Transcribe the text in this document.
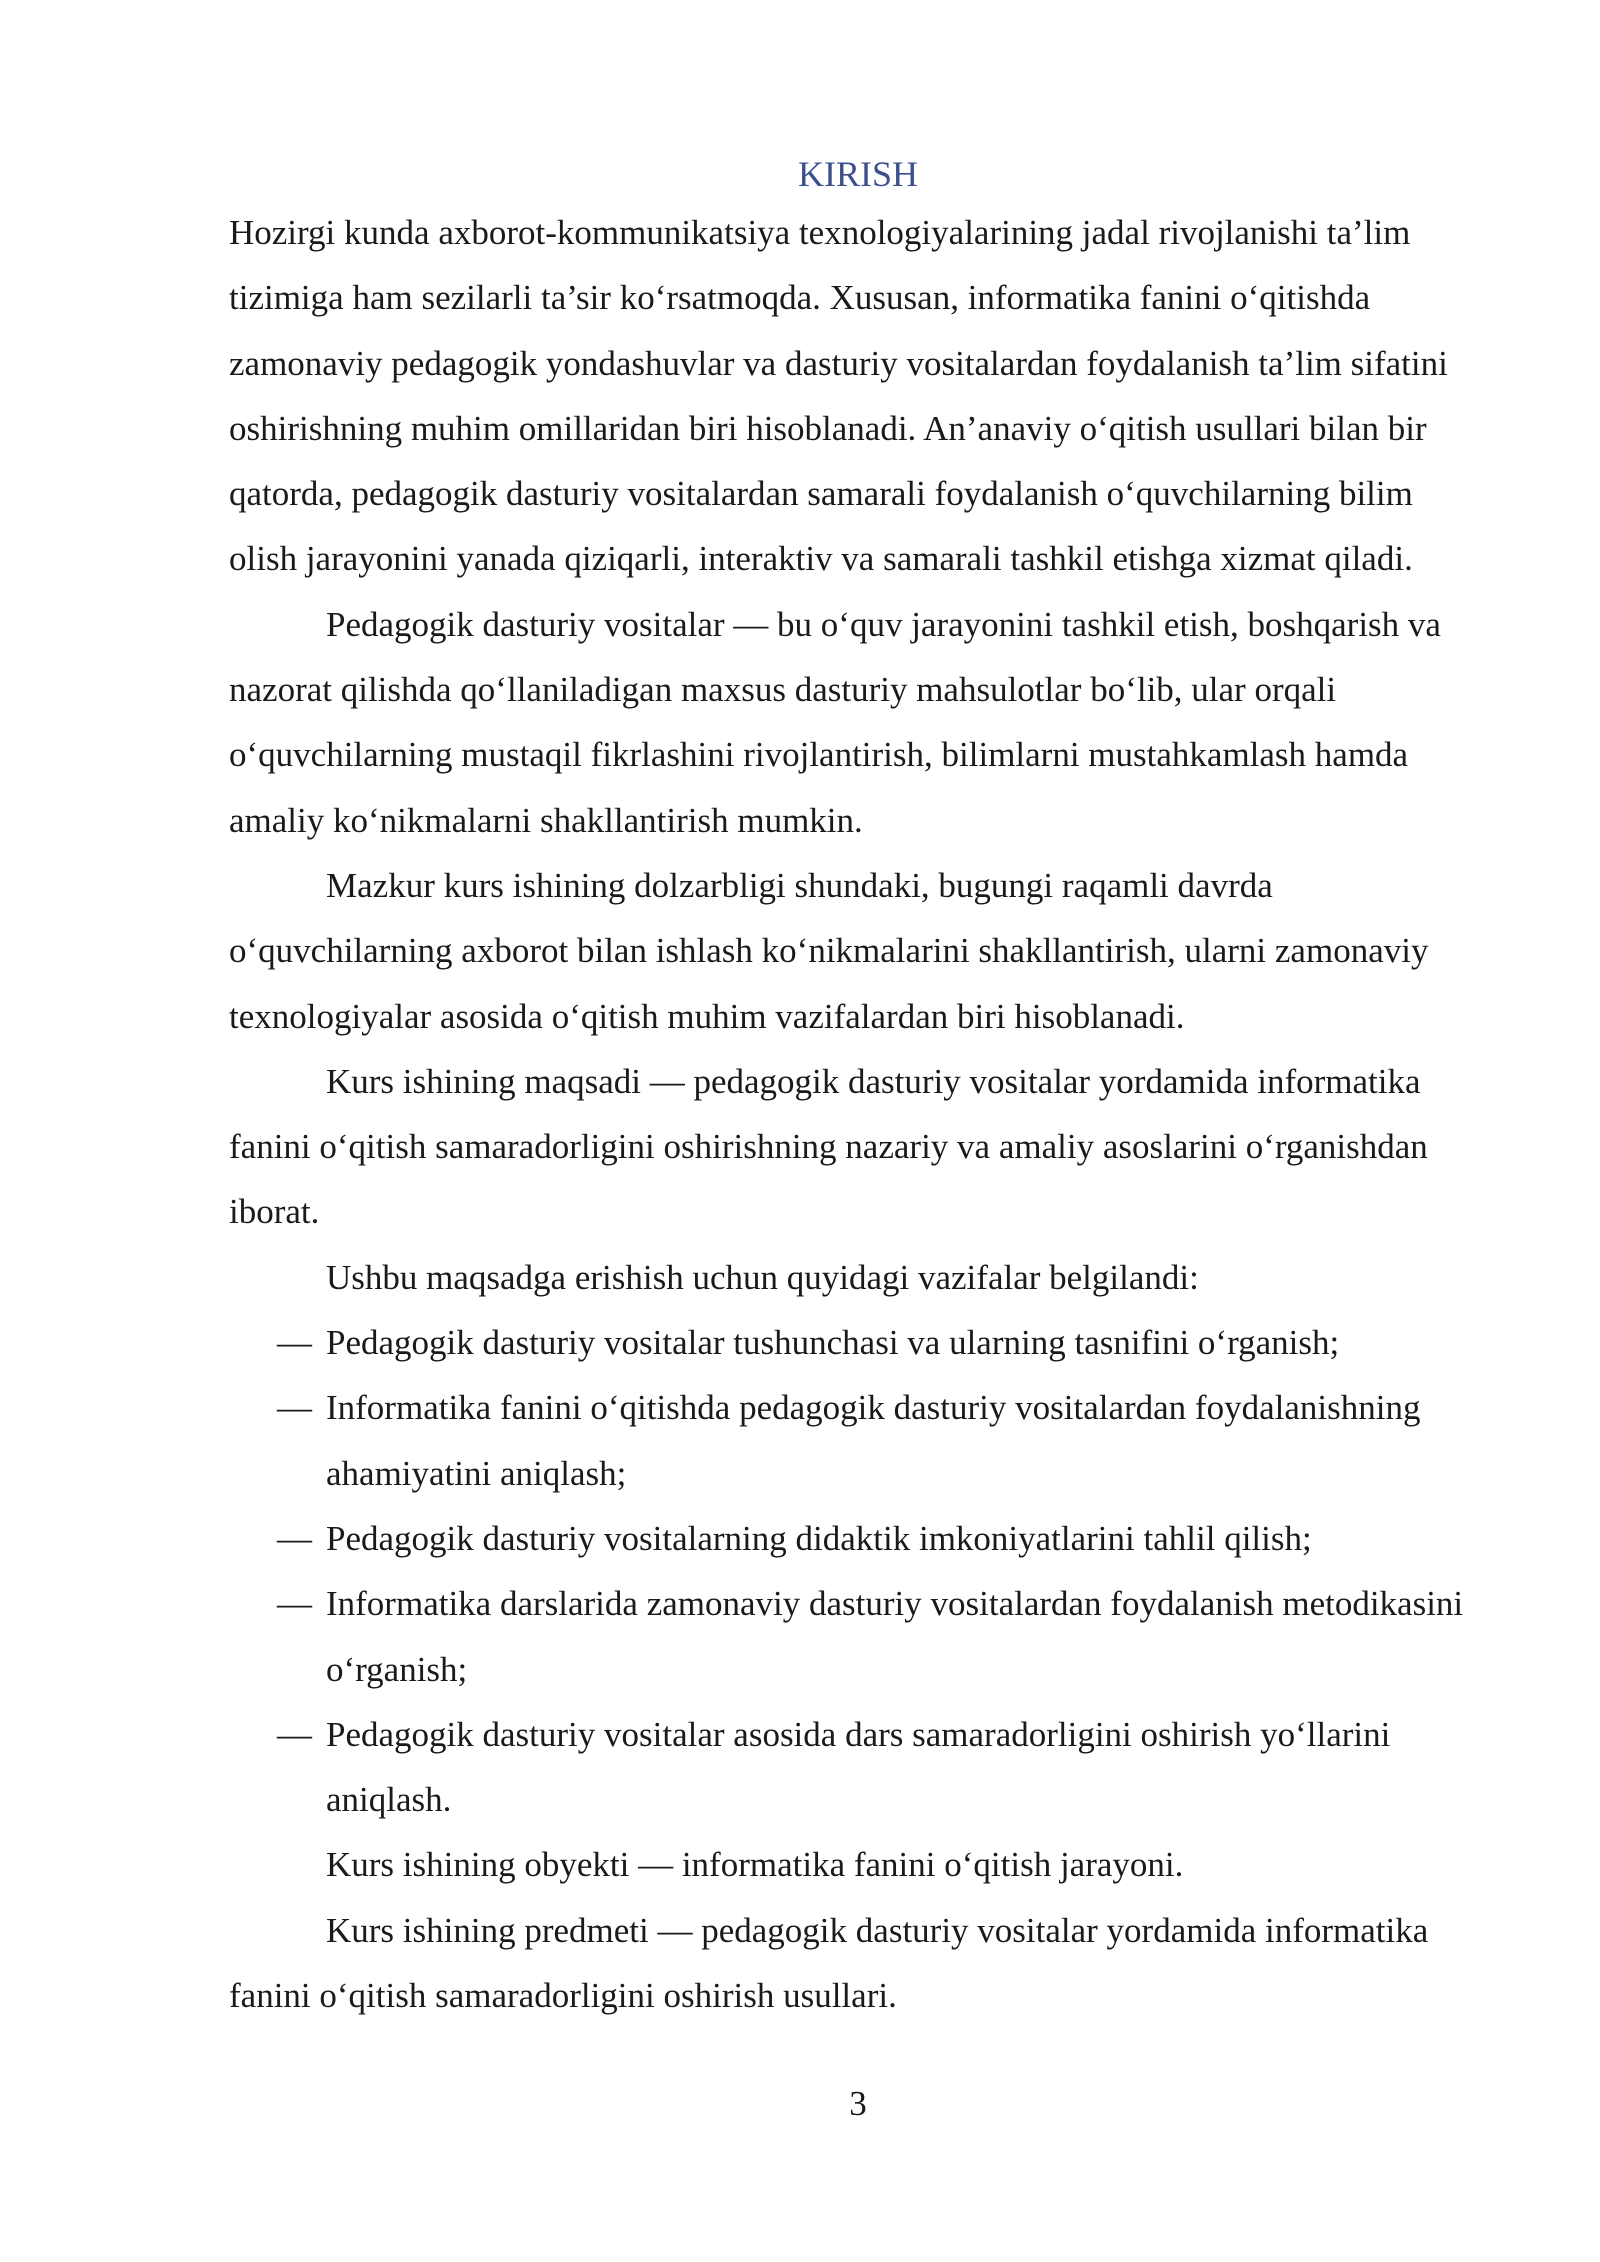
KIRISH

Hozirgi kunda axborot-kommunikatsiya texnologiyalarining jadal rivojlanishi ta’lim tizimiga ham sezilarli ta’sir ko‘rsatmoqda. Xususan, informatika fanini o‘qitishda zamonaviy pedagogik yondashuvlar va dasturiy vositalardan foydalanish ta’lim sifatini oshirishning muhim omillaridan biri hisoblanadi. An’anaviy o‘qitish usullari bilan bir qatorda, pedagogik dasturiy vositalardan samarali foydalanish o‘quvchilarning bilim olish jarayonini yanada qiziqarli, interaktiv va samarali tashkil etishga xizmat qiladi.

Pedagogik dasturiy vositalar — bu o‘quv jarayonini tashkil etish, boshqarish va nazorat qilishda qo‘llaniladigan maxsus dasturiy mahsulotlar bo‘lib, ular orqali o‘quvchilarning mustaqil fikrlashini rivojlantirish, bilimlarni mustahkamlash hamda amaliy ko‘nikmalarni shakllantirish mumkin.

Mazkur kurs ishining dolzarbligi shundaki, bugungi raqamli davrda o‘quvchilarning axborot bilan ishlash ko‘nikmalarini shakllantirish, ularni zamonaviy texnologiyalar asosida o‘qitish muhim vazifalardan biri hisoblanadi.

Kurs ishining maqsadi — pedagogik dasturiy vositalar yordamida informatika fanini o‘qitish samaradorligini oshirishning nazariy va amaliy asoslarini o‘rganishdan iborat.

Ushbu maqsadga erishish uchun quyidagi vazifalar belgilandi:

— Pedagogik dasturiy vositalar tushunchasi va ularning tasnifini o‘rganish;
— Informatika fanini o‘qitishda pedagogik dasturiy vositalardan foydalanishning ahamiyatini aniqlash;
— Pedagogik dasturiy vositalarning didaktik imkoniyatlarini tahlil qilish;
— Informatika darslarida zamonaviy dasturiy vositalardan foydalanish metodikasini o‘rganish;
— Pedagogik dasturiy vositalar asosida dars samaradorligini oshirish yo‘llarini aniqlash.

Kurs ishining obyekti — informatika fanini o‘qitish jarayoni.

Kurs ishining predmeti — pedagogik dasturiy vositalar yordamida informatika fanini o‘qitish samaradorligini oshirish usullari.

3
